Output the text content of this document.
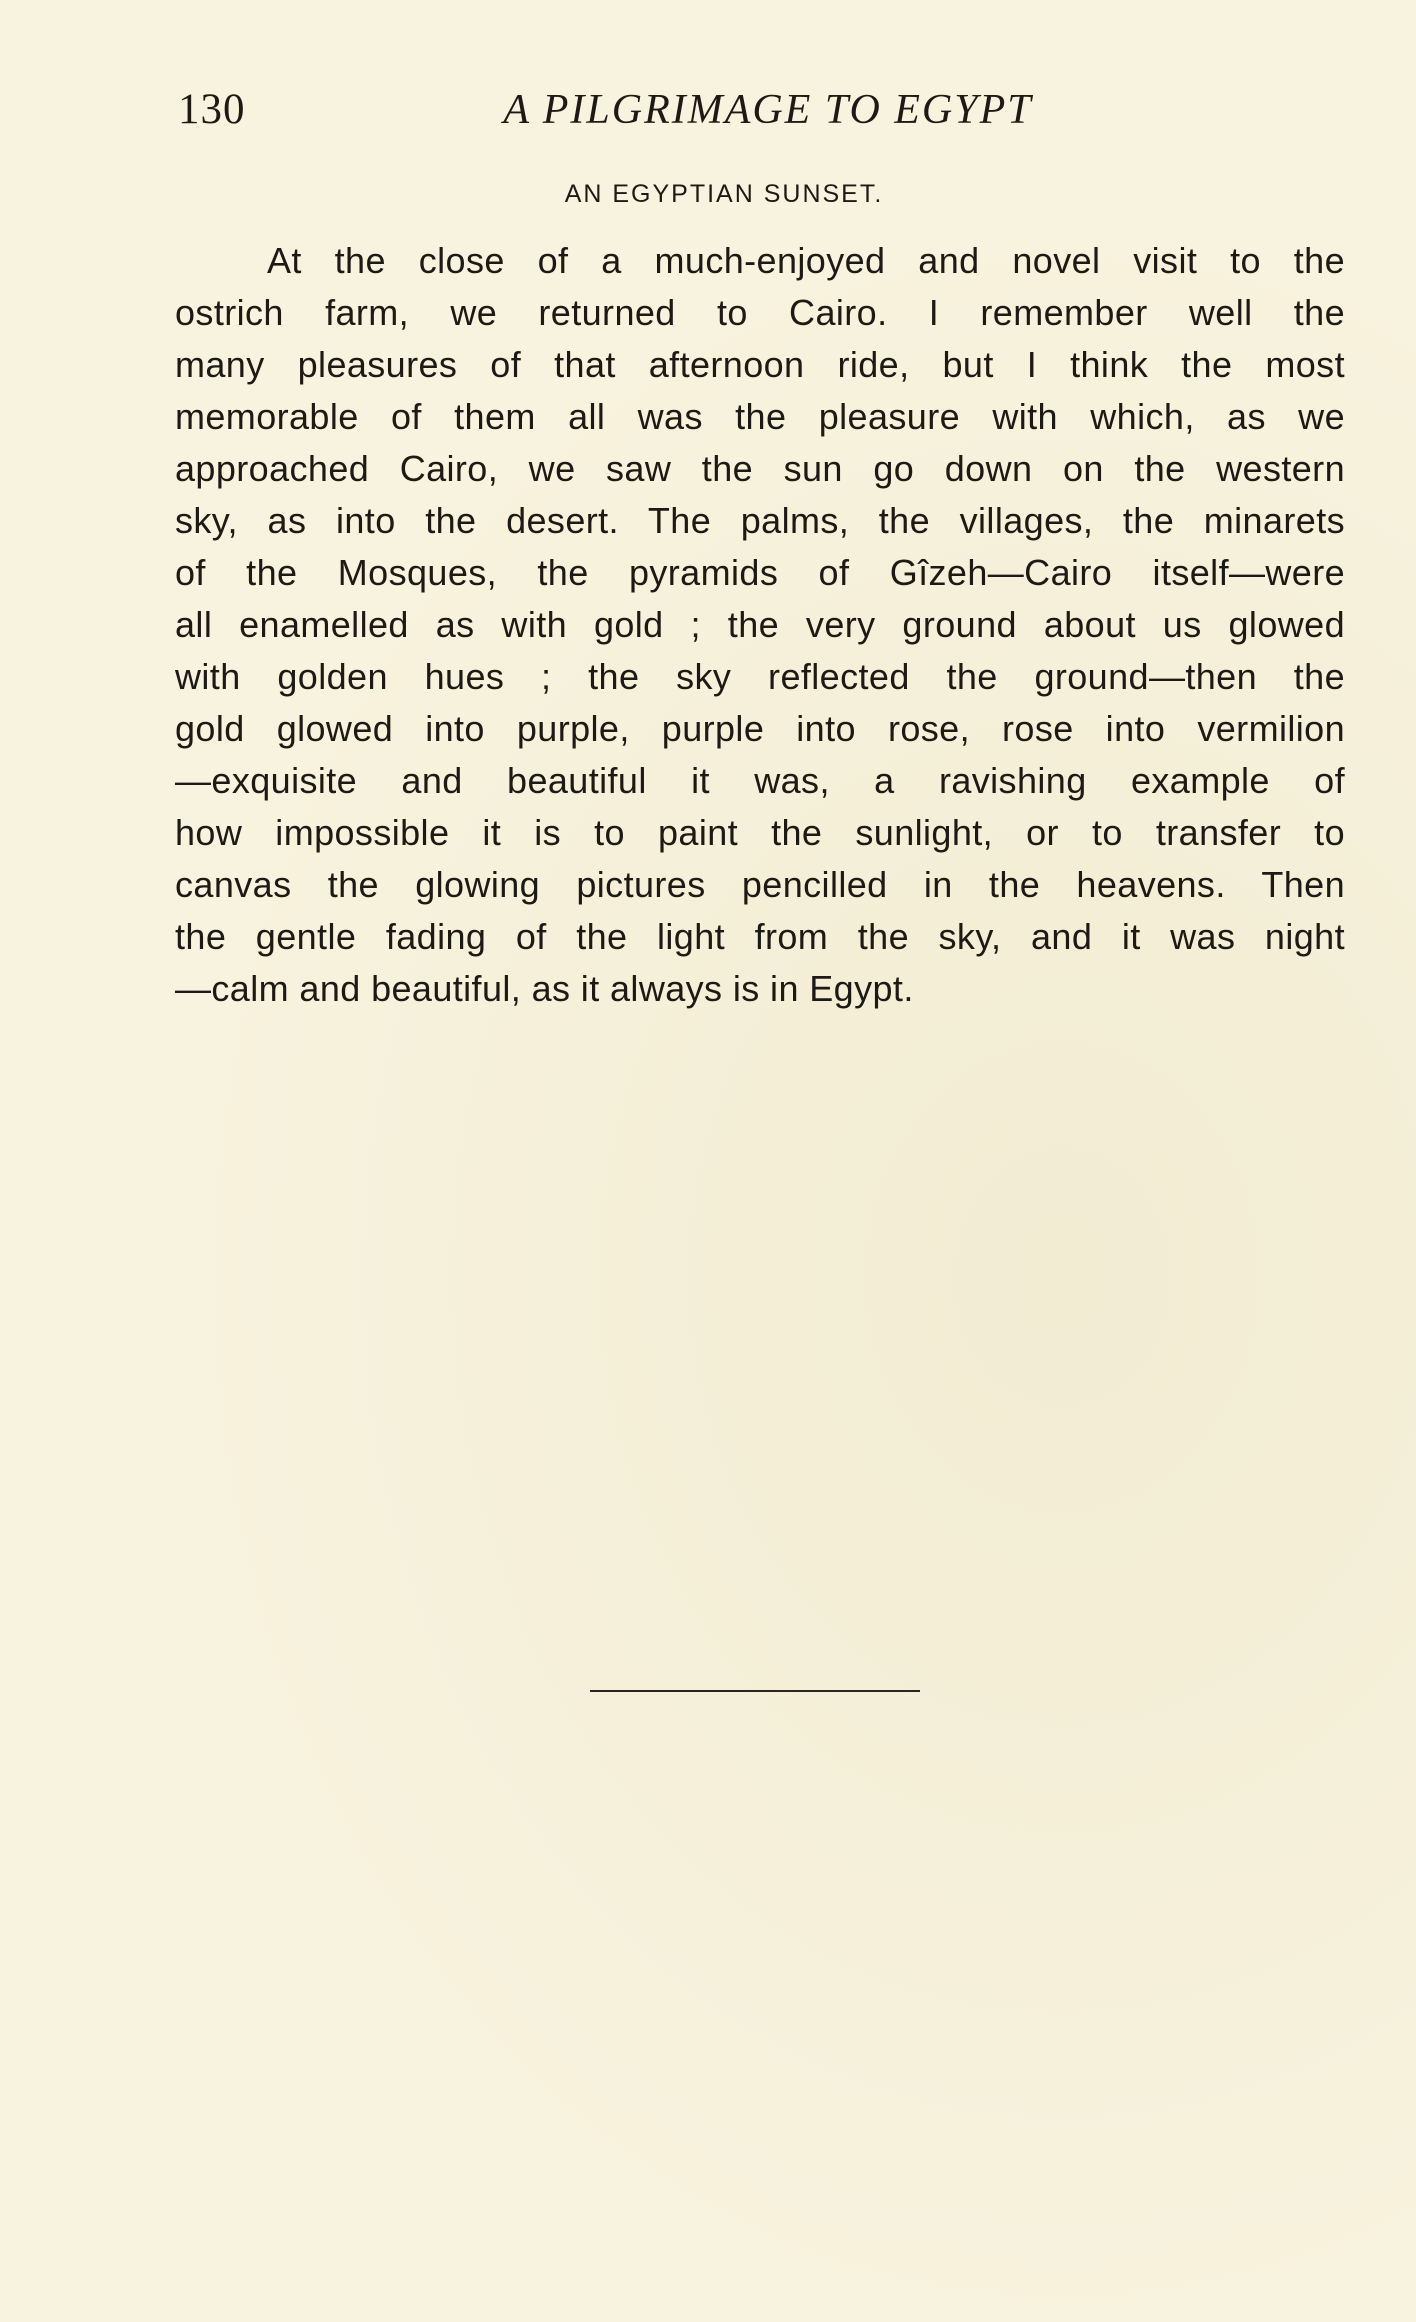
130	A PILGRIMAGE TO EGYPT
AN EGYPTIAN SUNSET.
At the close of a much-enjoyed and novel visit to the
ostrich farm, we returned to Cairo. I remember well the
many pleasures of that afternoon ride, but I think the most
memorable of them all was the pleasure with which, as we
approached Cairo, we saw the sun go down on the western
sky, as into the desert. The palms, the villages, the minarets
of the Mosques, the pyramids of Gîzeh—Cairo itself—were
all enamelled as with gold ; the very ground about us glowed
with golden hues ; the sky reflected the ground—then the
gold glowed into purple, purple into rose, rose into vermilion
—exquisite and beautiful it was, a ravishing example of
how impossible it is to paint the sunlight, or to transfer to
canvas the glowing pictures pencilled in the heavens. Then
the gentle fading of the light from the sky, and it was night
—calm and beautiful, as it always is in Egypt.
